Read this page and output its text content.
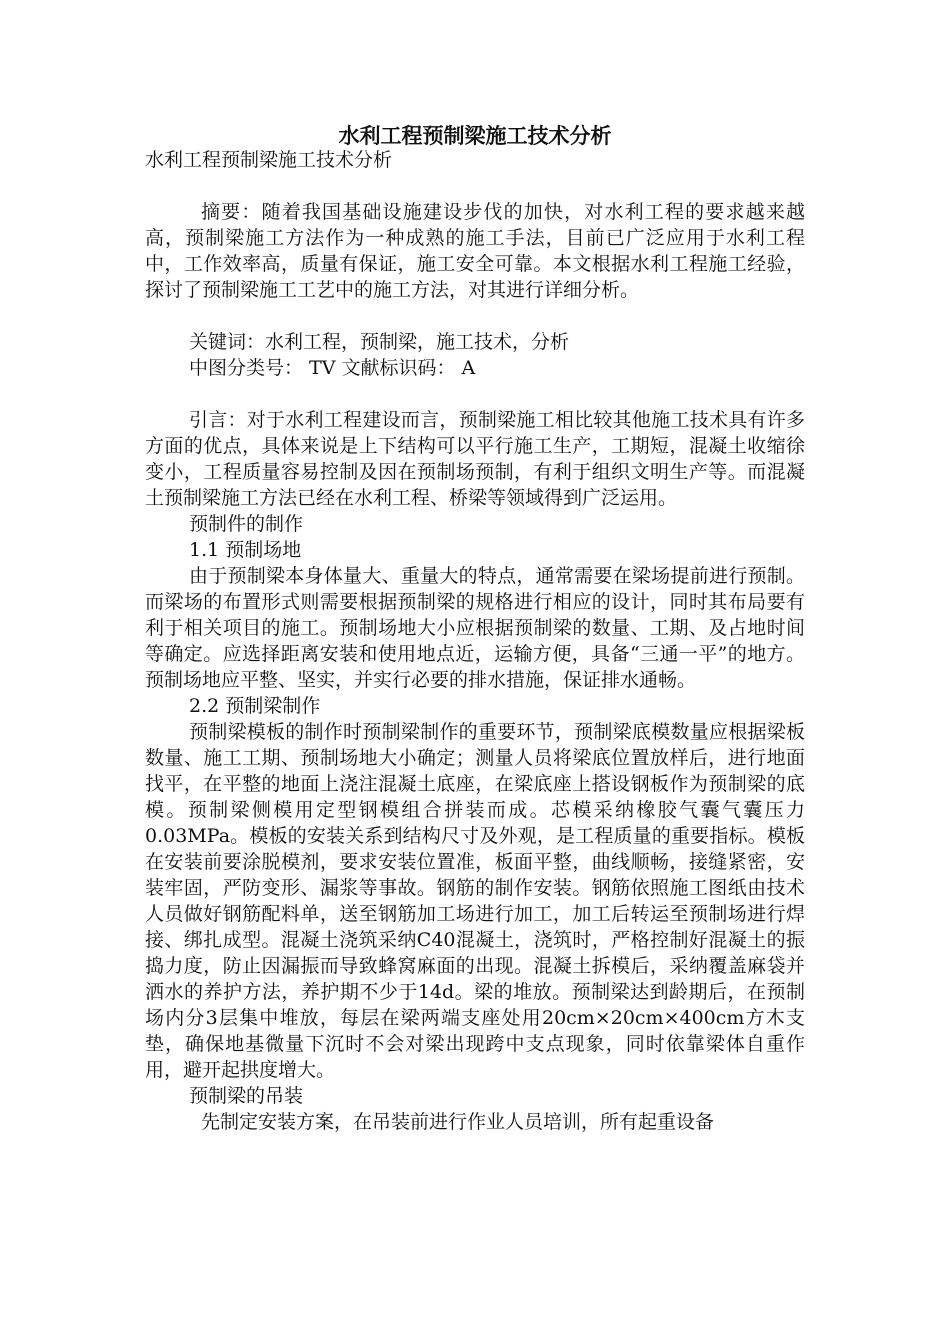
水利工程预制梁施工技术分析

水利工程预制梁施工技术分析

摘要：随着我国基础设施建设步伐的加快，对水利工程的要求越来越高，预制梁施工方法作为一种成熟的施工手法，目前已广泛应用于水利工程中，工作效率高，质量有保证，施工安全可靠。本文根据水利工程施工经验，探讨了预制梁施工工艺中的施工方法，对其进行详细分析。

关键词：水利工程，预制梁，施工技术，分析

中图分类号： TV 文献标识码： A

引言：对于水利工程建设而言，预制梁施工相比较其他施工技术具有许多方面的优点，具体来说是上下结构可以平行施工生产，工期短，混凝土收缩徐变小，工程质量容易控制及因在预制场预制，有利于组织文明生产等。而混凝土预制梁施工方法已经在水利工程、桥梁等领域得到广泛运用。

预制件的制作

1.1 预制场地

由于预制梁本身体量大、重量大的特点，通常需要在梁场提前进行预制。而梁场的布置形式则需要根据预制梁的规格进行相应的设计，同时其布局要有利于相关项目的施工。预制场地大小应根据预制梁的数量、工期、及占地时间等确定。应选择距离安装和使用地点近，运输方便，具备“三通一平”的地方。预制场地应平整、坚实，并实行必要的排水措施，保证排水通畅。

2.2 预制梁制作

预制梁模板的制作时预制梁制作的重要环节，预制梁底模数量应根据梁板数量、施工工期、预制场地大小确定；测量人员将梁底位置放样后，进行地面找平，在平整的地面上浇注混凝土底座，在梁底座上搭设钢板作为预制梁的底模。预制梁侧模用定型钢模组合拼装而成。芯模采纳橡胶气囊气囊压力0.03MPa。模板的安装关系到结构尺寸及外观，是工程质量的重要指标。模板在安装前要涂脱模剂，要求安装位置准，板面平整，曲线顺畅，接缝紧密，安装牢固，严防变形、漏浆等事故。钢筋的制作安装。钢筋依照施工图纸由技术人员做好钢筋配料单，送至钢筋加工场进行加工，加工后转运至预制场进行焊接、绑扎成型。混凝土浇筑采纳C40混凝土，浇筑时，严格控制好混凝土的振捣力度，防止因漏振而导致蜂窝麻面的出现。混凝土拆模后，采纳覆盖麻袋并洒水的养护方法，养护期不少于14d。梁的堆放。预制梁达到龄期后，在预制场内分3层集中堆放，每层在梁两端支座处用20cm×20cm×400cm方木支垫，确保地基微量下沉时不会对梁出现跨中支点现象，同时依靠梁体自重作用，避开起拱度增大。

预制梁的吊装

先制定安装方案，在吊装前进行作业人员培训，所有起重设备
